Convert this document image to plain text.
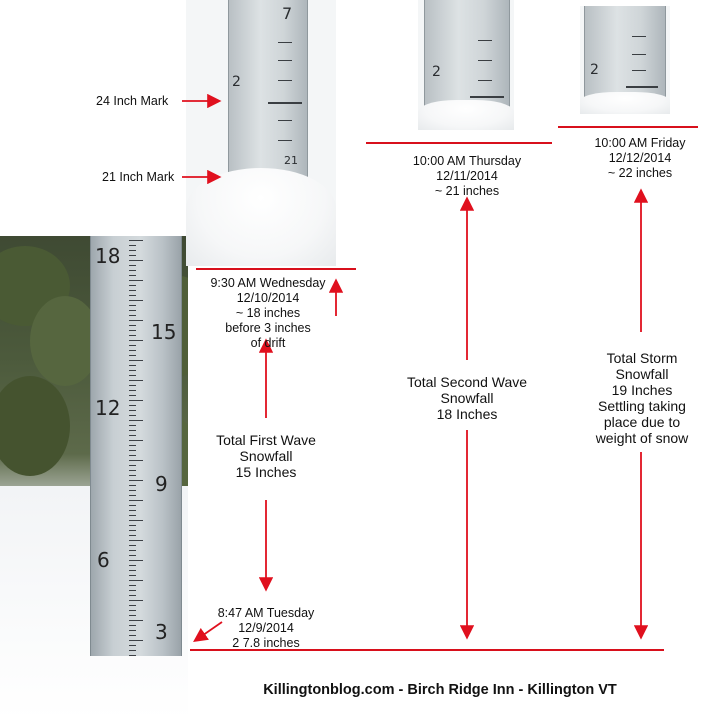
18
15
12
9
6
3
7
2
21
2	2
24 Inch Mark
21 Inch Mark
9:30 AM Wednesday
12/10/2014
~ 18 inches
before 3 inches
of drift
10:00 AM Thursday
12/11/2014
~ 21 inches
10:00 AM Friday
12/12/2014
~ 22 inches
8:47 AM Tuesday
12/9/2014
2 7.8 inches
Total First Wave
Snowfall
15 Inches
Total Second Wave
Snowfall
18 Inches
Total Storm
Snowfall
19 Inches
Settling taking
place due to
weight of snow
Killingtonblog.com - Birch Ridge Inn - Killington VT
